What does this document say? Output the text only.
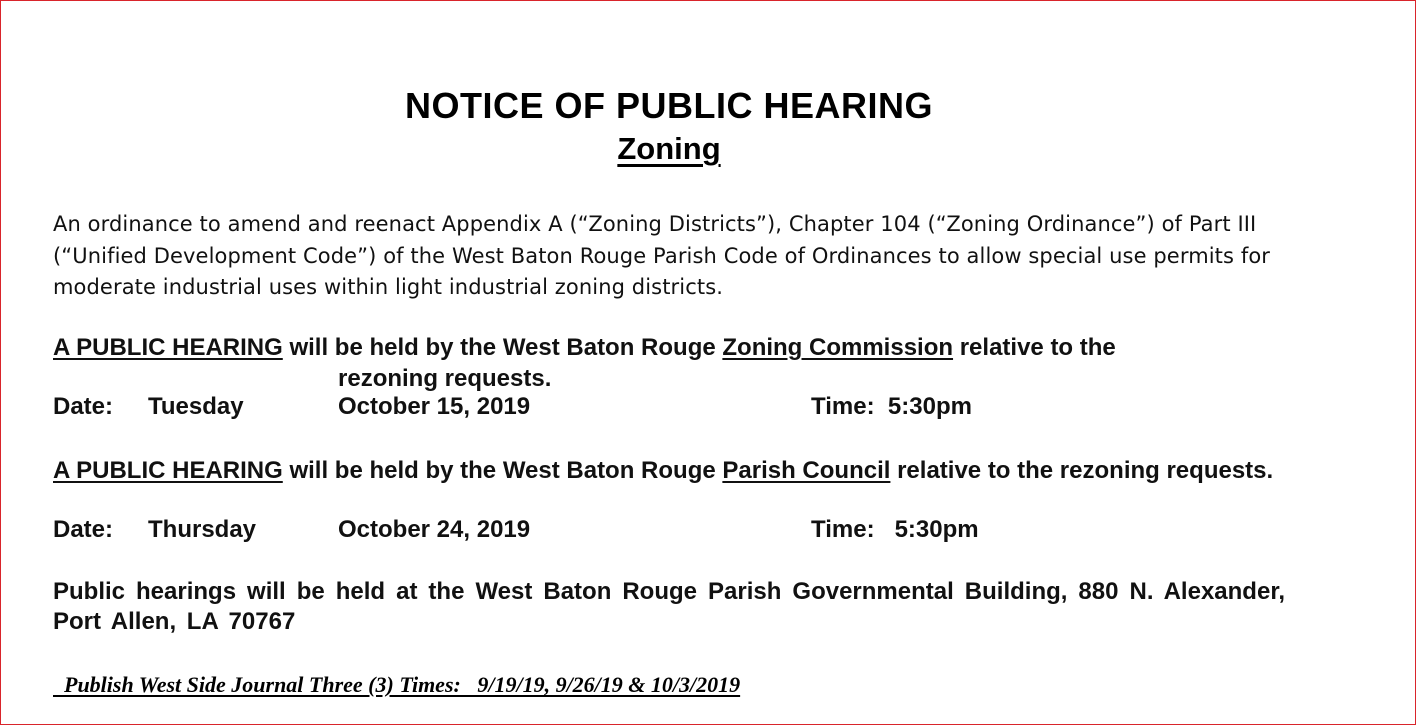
NOTICE OF PUBLIC HEARING
Zoning
An ordinance to amend and reenact Appendix A (“Zoning Districts”), Chapter 104 (“Zoning Ordinance”) of Part III (“Unified Development Code”) of the West Baton Rouge Parish Code of Ordinances to allow special use permits for moderate industrial uses within light industrial zoning districts.
A PUBLIC HEARING will be held by the West Baton Rouge Zoning Commission relative to the
rezoning requests.
Date: Tuesday	October 15, 2019	Time:  5:30pm
A PUBLIC HEARING will be held by the West Baton Rouge Parish Council relative to the rezoning requests.
Date: Thursday	October 24, 2019	Time:   5:30pm
Public hearings will be held at the West Baton Rouge Parish Governmental Building, 880 N. Alexander, Port Allen, LA 70767
Publish West Side Journal Three (3) Times:   9/19/19, 9/26/19 & 10/3/2019
